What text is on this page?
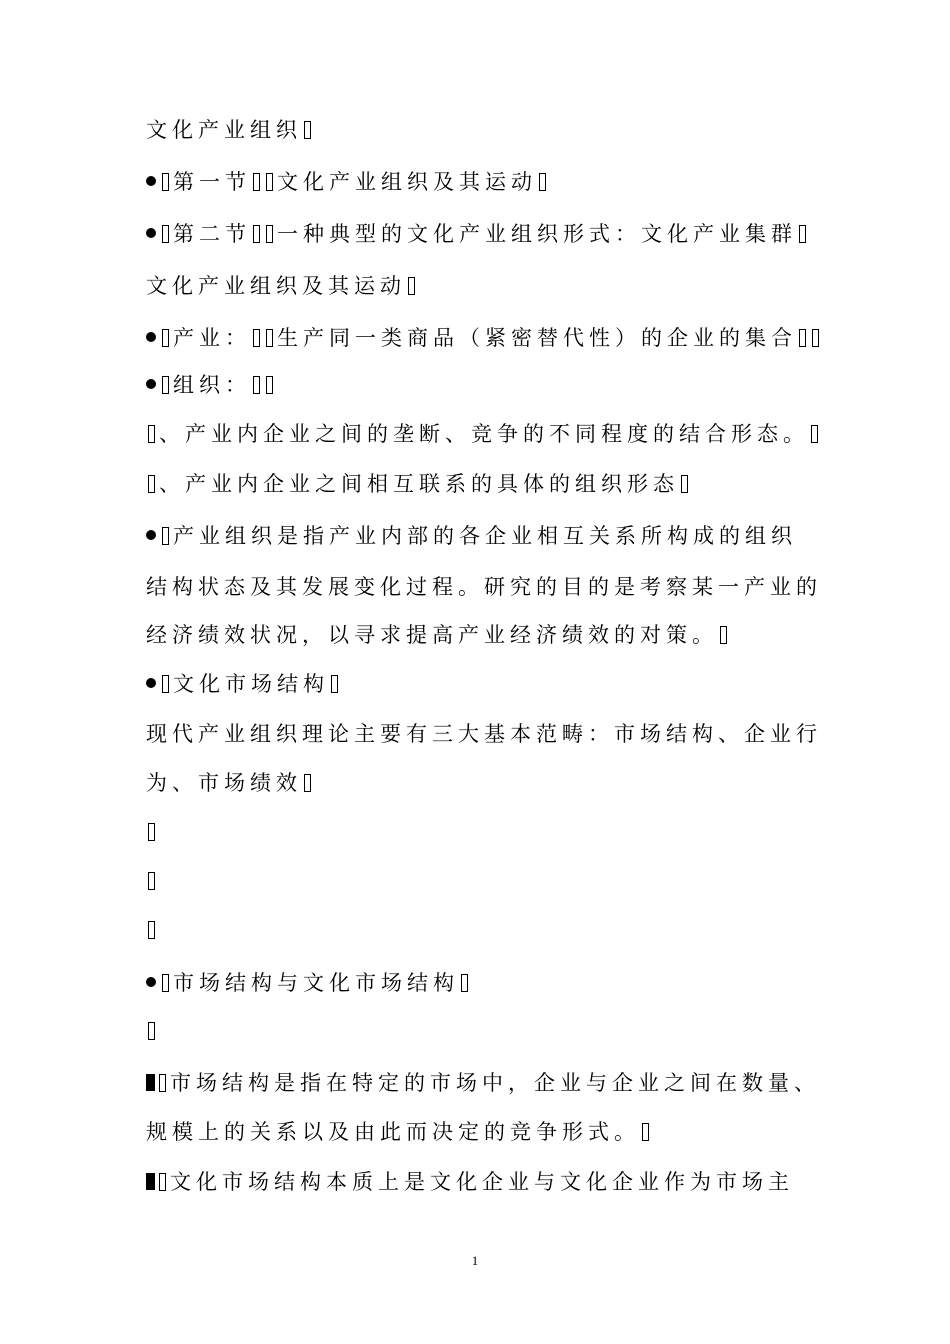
文化产业组织
第一节 文化产业组织及其运动
第二节 一种典型的文化产业组织形式：文化产业集群
文化产业组织及其运动
产业： 生产同一类商品（紧密替代性）的企业的集合
组织：
、产业内企业之间的垄断、竞争的不同程度的结合形态。
、产业内企业之间相互联系的具体的组织形态
产业组织是指产业内部的各企业相互关系所构成的组织
结构状态及其发展变化过程。研究的目的是考察某一产业的
经济绩效状况，以寻求提高产业经济绩效的对策。
文化市场结构
现代产业组织理论主要有三大基本范畴：市场结构、企业行
为、市场绩效
市场结构与文化市场结构
市场结构是指在特定的市场中，企业与企业之间在数量、
规模上的关系以及由此而决定的竞争形式。
文化市场结构本质上是文化企业与文化企业作为市场主
1
